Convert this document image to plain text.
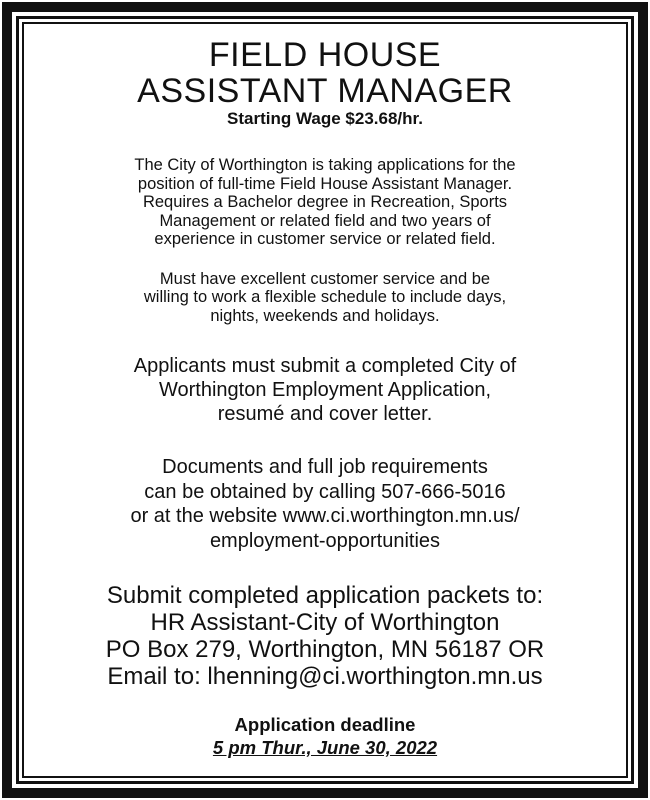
FIELD HOUSE
ASSISTANT MANAGER
Starting Wage $23.68/hr.
The City of Worthington is taking applications for the
position of full-time Field House Assistant Manager.
Requires a Bachelor degree in Recreation, Sports
Management or related field and two years of
experience in customer service or related field.
Must have excellent customer service and be
willing to work a flexible schedule to include days,
nights, weekends and holidays.
Applicants must submit a completed City of
Worthington Employment Application,
resumé and cover letter.
Documents and full job requirements
can be obtained by calling 507-666-5016
or at the website www.ci.worthington.mn.us/
employment-opportunities
Submit completed application packets to:
HR Assistant-City of Worthington
PO Box 279, Worthington, MN 56187 OR
Email to: lhenning@ci.worthington.mn.us
Application deadline
5 pm Thur., June 30, 2022
